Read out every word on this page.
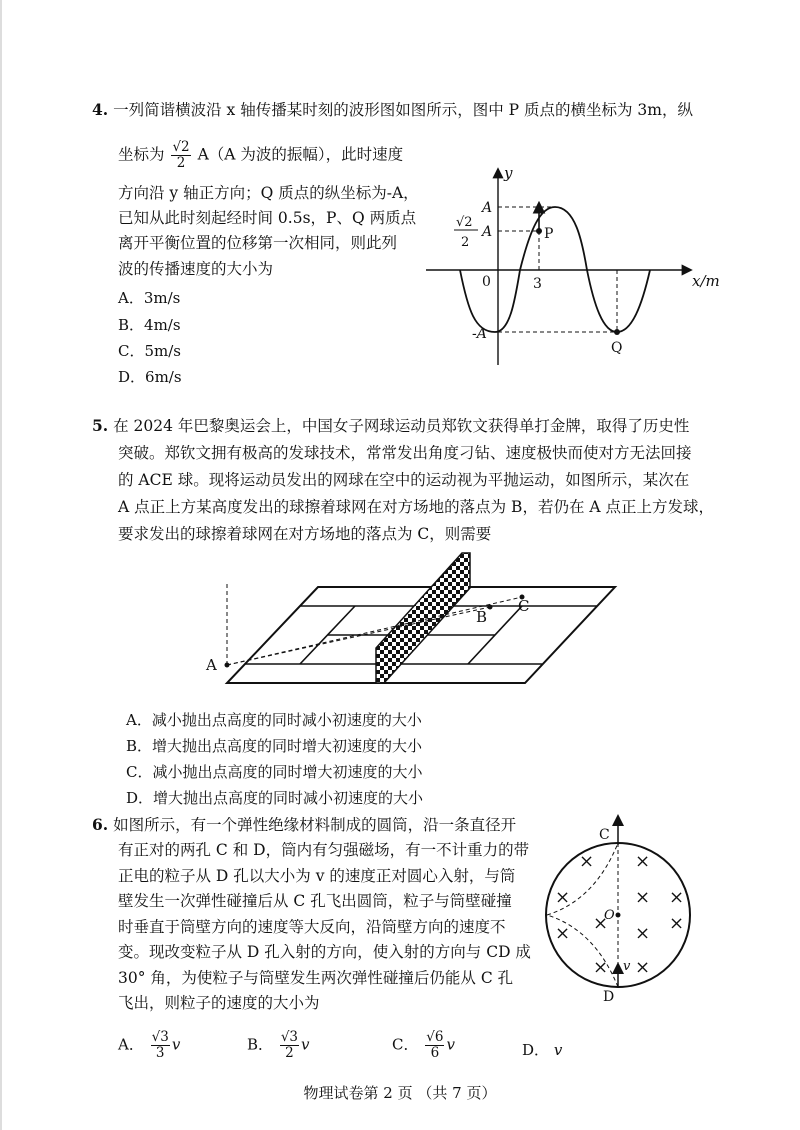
4. 一列简谐横波沿 x 轴传播某时刻的波形图如图所示，图中 P 质点的横坐标为 3m，纵
坐标为 $\frac{√2}{2} A(A$ 为波的振幅），此时速度
方向沿 y 轴正方向；Q 质点的纵坐标为-A，
已知从此时刻起经时间 0.5s，P、Q 两质点
离开平衡位置的位移第一次相同，则此列
波的传播速度的大小为
A．3m/s
B．4m/s
C．5m/s
D．6m/s
y
x/m
0	3
A
√2
2
A
-A
P
Q
5. 在 2024 年巴黎奥运会上，中国女子网球运动员郑钦文获得单打金牌，取得了历史性
突破。郑钦文拥有极高的发球技术，常常发出角度刁钻、速度极快而使对方无法回接
的 ACE 球。现将运动员发出的网球在空中的运动视为平抛运动，如图所示，某次在
A 点正上方某高度发出的球擦着球网在对方场地的落点为 B，若仍在 A 点正上方发球，
要求发出的球擦着球网在对方场地的落点为 C，则需要
A
B
C
A．减小抛出点高度的同时减小初速度的大小
B．增大抛出点高度的同时增大初速度的大小
C．减小抛出点高度的同时增大初速度的大小
D．增大抛出点高度的同时减小初速度的大小
6. 如图所示，有一个弹性绝缘材料制成的圆筒，沿一条直径开
有正对的两孔 C 和 D，筒内有匀强磁场，有一不计重力的带
正电的粒子从 D 孔以大小为 v 的速度正对圆心入射，与筒
壁发生一次弹性碰撞后从 C 孔飞出圆筒，粒子与筒壁碰撞
时垂直于筒壁方向的速度等大反向，沿筒壁方向的速度不
变。现改变粒子从 D 孔入射的方向，使入射的方向与 CD 成
30° 角，为使粒子与筒壁发生两次弹性碰撞后仍能从 C 孔
飞出，则粒子的速度的大小为
× ×
×	× ×
×	×
×	×
× ×
C
D
O
v
A． $\frac{√3}{3}$ v	B． $\frac{√3}{2}$ v	C． $\frac{√6}{6}$ v	D． v
物理试卷第 2 页 （共 7 页）
